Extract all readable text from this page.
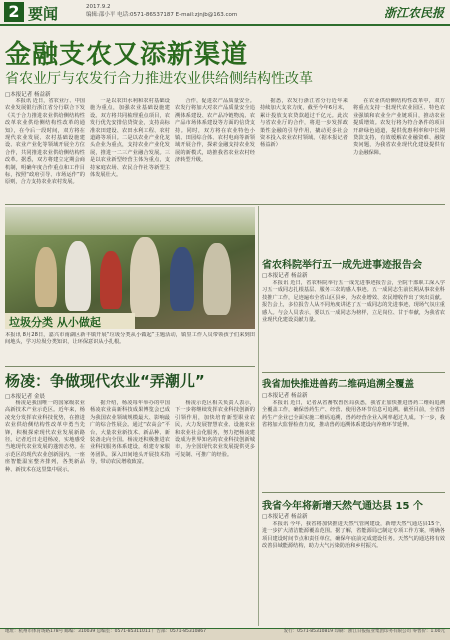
2 要闻	2017.9.2
编辑:邵小平 电话:0571-86537187 E-mail:zjnjb@163.com	浙江农民报
金融支农又添新渠道
省农业厅与农发行合力推进农业供给侧结构性改革
□本报记者 杨益新

本报讯 近日，省农业厅、中国农业发展银行浙江省分行联合下发《关于合力推进农业供给侧结构性改革农业供给侧结构性改革的通知》，在今后一段时间，双方将在现代农业发展、农村基础设施建设、农业产业化等领域开展全方位合作，共同推进农业供给侧结构性改革。据悉，双方将建立定期会商机制，明确年度合作重点和工作目标，按照“政府引导、市场运作”的原则，合力支持农业农村发展。

一是以农田水利和农村基础设施为重点，加强农业基础设施建设。双方将共同梳理重点项目，农发行优先安排信贷资金，支持高标准农田建设、农田水利工程、农村道路等项目。二是以农业产业化龙头企业为重点，支持农业产业化发展，推进一二三产业融合发展。三是以农业新型经营主体为重点，支持家庭农场、农民合作社等新型主体发展壮大。

合作，促进农产品质量安全。农发行将加大对农产品质量安全追溯体系建设、农产品冷链物流、农产品市场体系建设等方面的信贷支持。同时，双方将在农业特色小镇、田园综合体、农村电商等新领域开展合作，探索金融支持农业发展的新模式，助推我省农业农村经济转型升级。

据悉，农发行浙江省分行近年来持续加大支农力度，截至今年6月末，累计投放支农贷款超过千亿元。此次与省农业厅的合作，将进一步发挥政策性金融的引导作用，撬动更多社会资本投入农业农村领域。（据本报记者 杨益新）

在农业供给侧结构性改革中，双方将重点支持一批现代农业园区、特色农业强镇和农业全产业链项目，推动农业提质增效。农发行将为符合条件的项目开辟绿色通道，提供优惠利率和中长期贷款支持，有效缓解农业融资难、融资贵问题，为我省农业现代化建设提供有力金融保障。

垃圾分类 从小做起
本报讯 8月28日，嘉兴市南湖区新丰镇开展“垃圾分类从小做起”主题活动，镇里工作人员带领孩子们来到田间地头，学习垃圾分类知识，让环保意识从小扎根。
杨凌：争做现代农业“弄潮儿”
□本报记者 金晨

杨凌是我国唯一的国家级农业高新技术产业示范区。近年来，杨凌充分发挥农业科技优势，在推进农业供给侧结构性改革中勇当先锋，积极探索现代农业发展新路径。记者近日走进杨凌，实地感受当地现代农业发展的蓬勃态势。在示范区的现代农业创新园内，一座座智能温室整齐排列，各类新品种、新技术在这里集中展示。

据介绍，杨凌每年举办的中国杨凌农业高新科技成果博览会已成为我国农业领域规模最大、影响最广的综合性展会。通过“农高会”平台，大量农业新技术、新品种、新装备走向全国。杨凌还积极推进农业科技服务体系建设，组建专家服务团队，深入田间地头开展技术指导，带动农民增收致富。

杨凌示范区相关负责人表示，下一步将继续发挥农业科技创新的引领作用，加快培育新型职业农民，大力发展智慧农业、设施农业和农业社会化服务，努力把杨凌建设成为世界知名的农业科技创新城市，为全国现代农业发展提供更多可复制、可推广的经验。

省农科院举行五一成先进事迹报告会
□本报记者 杨益新

本报讯 近日，省农科院举行五一成先进事迹报告会，全院干部职工深入学习五一成同志扎根基层、服务三农的感人事迹。五一成同志生前长期从事农业科技推广工作，足迹遍布全省山区县乡，为农业增效、农民增收作出了突出贡献。报告会上，多位报告人从不同角度讲述了五一成同志的先进事迹，现场气氛庄重感人。与会人员表示，要以五一成同志为榜样，立足岗位、甘于奉献，为我省农业现代化建设贡献力量。

我省加快推进兽药二维码追溯全覆盖
□本报记者 杨益新

本报讯 近日，记者从省畜牧兽医局获悉，我省正加快推进兽药二维码追溯全覆盖工作，确保兽药生产、经营、使用各环节信息可追溯。截至目前，全省兽药生产企业已全面实施二维码追溯，兽药经营企业入网率超过九成。下一步，我省将加大监督检查力度，推动兽药追溯体系建设向养殖环节延伸。

我省今年将新增天然气通达县 15 个
□本报记者 杨益新

本报讯 今年，我省将加快推进天然气管网建设，新增天然气通达县15个，进一步扩大清洁能源覆盖范围。据了解，省能源局已制定专项工作方案，明确各项目建设时间节点和责任单位，确保年底前完成建设任务。天然气的通达将有效改善县域能源结构，助力大气污染防治和乡村振兴。

地址：杭州市体育场路178号 邮编：310039 总编室：0571-85311011 广告部：0571-85310867	发行：0571-85310819 印刷：浙江日报报业集团印务有限公司 零售价：1.00元
